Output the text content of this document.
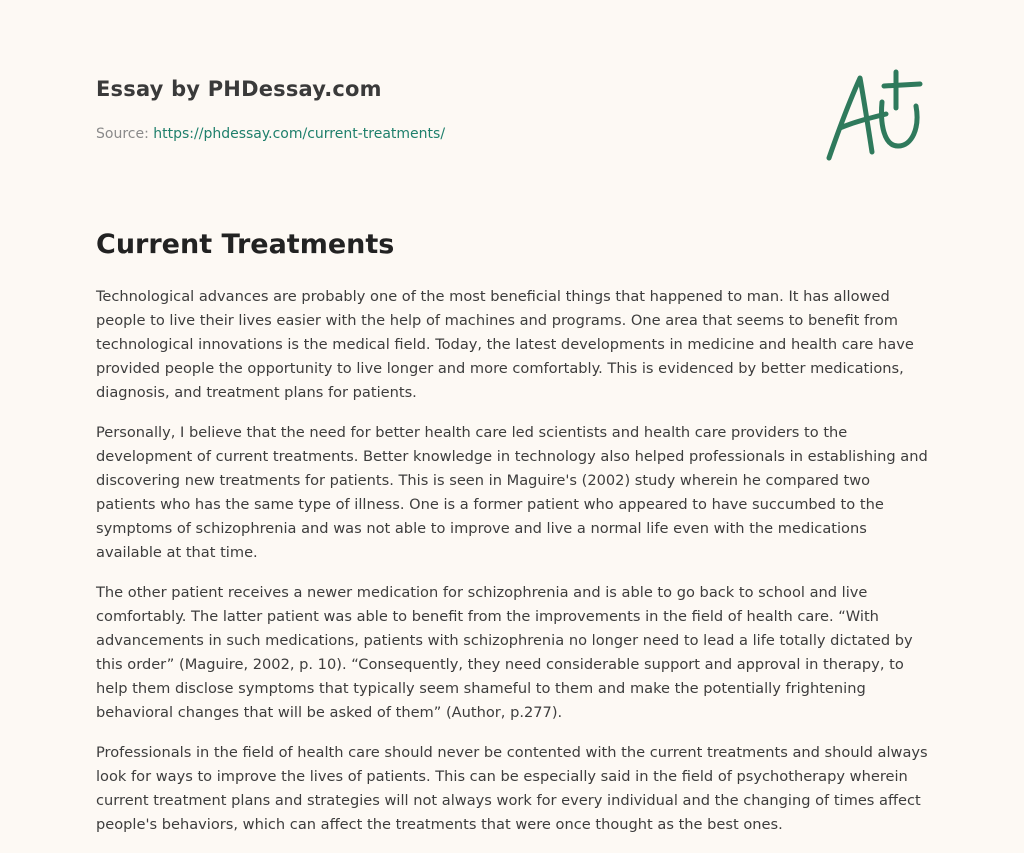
Essay by PHDessay.com
Source: https://phdessay.com/current-treatments/
Current Treatments

Technological advances are probably one of the most beneficial things that happened to man. It has allowed people to live their lives easier with the help of machines and programs. One area that seems to benefit from technological innovations is the medical field. Today, the latest developments in medicine and health care have provided people the opportunity to live longer and more comfortably. This is evidenced by better medications, diagnosis, and treatment plans for patients.

Personally, I believe that the need for better health care led scientists and health care providers to the development of current treatments. Better knowledge in technology also helped professionals in establishing and discovering new treatments for patients. This is seen in Maguire's (2002) study wherein he compared two patients who has the same type of illness. One is a former patient who appeared to have succumbed to the symptoms of schizophrenia and was not able to improve and live a normal life even with the medications available at that time.

The other patient receives a newer medication for schizophrenia and is able to go back to school and live comfortably. The latter patient was able to benefit from the improvements in the field of health care. “With advancements in such medications, patients with schizophrenia no longer need to lead a life totally dictated by this order” (Maguire, 2002, p. 10). “Consequently, they need considerable support and approval in therapy, to help them disclose symptoms that typically seem shameful to them and make the potentially frightening behavioral changes that will be asked of them” (Author, p.277).

Professionals in the field of health care should never be contented with the current treatments and should always look for ways to improve the lives of patients. This can be especially said in the field of psychotherapy wherein current treatment plans and strategies will not always work for every individual and the changing of times affect people's behaviors, which can affect the treatments that were once thought as the best ones.
